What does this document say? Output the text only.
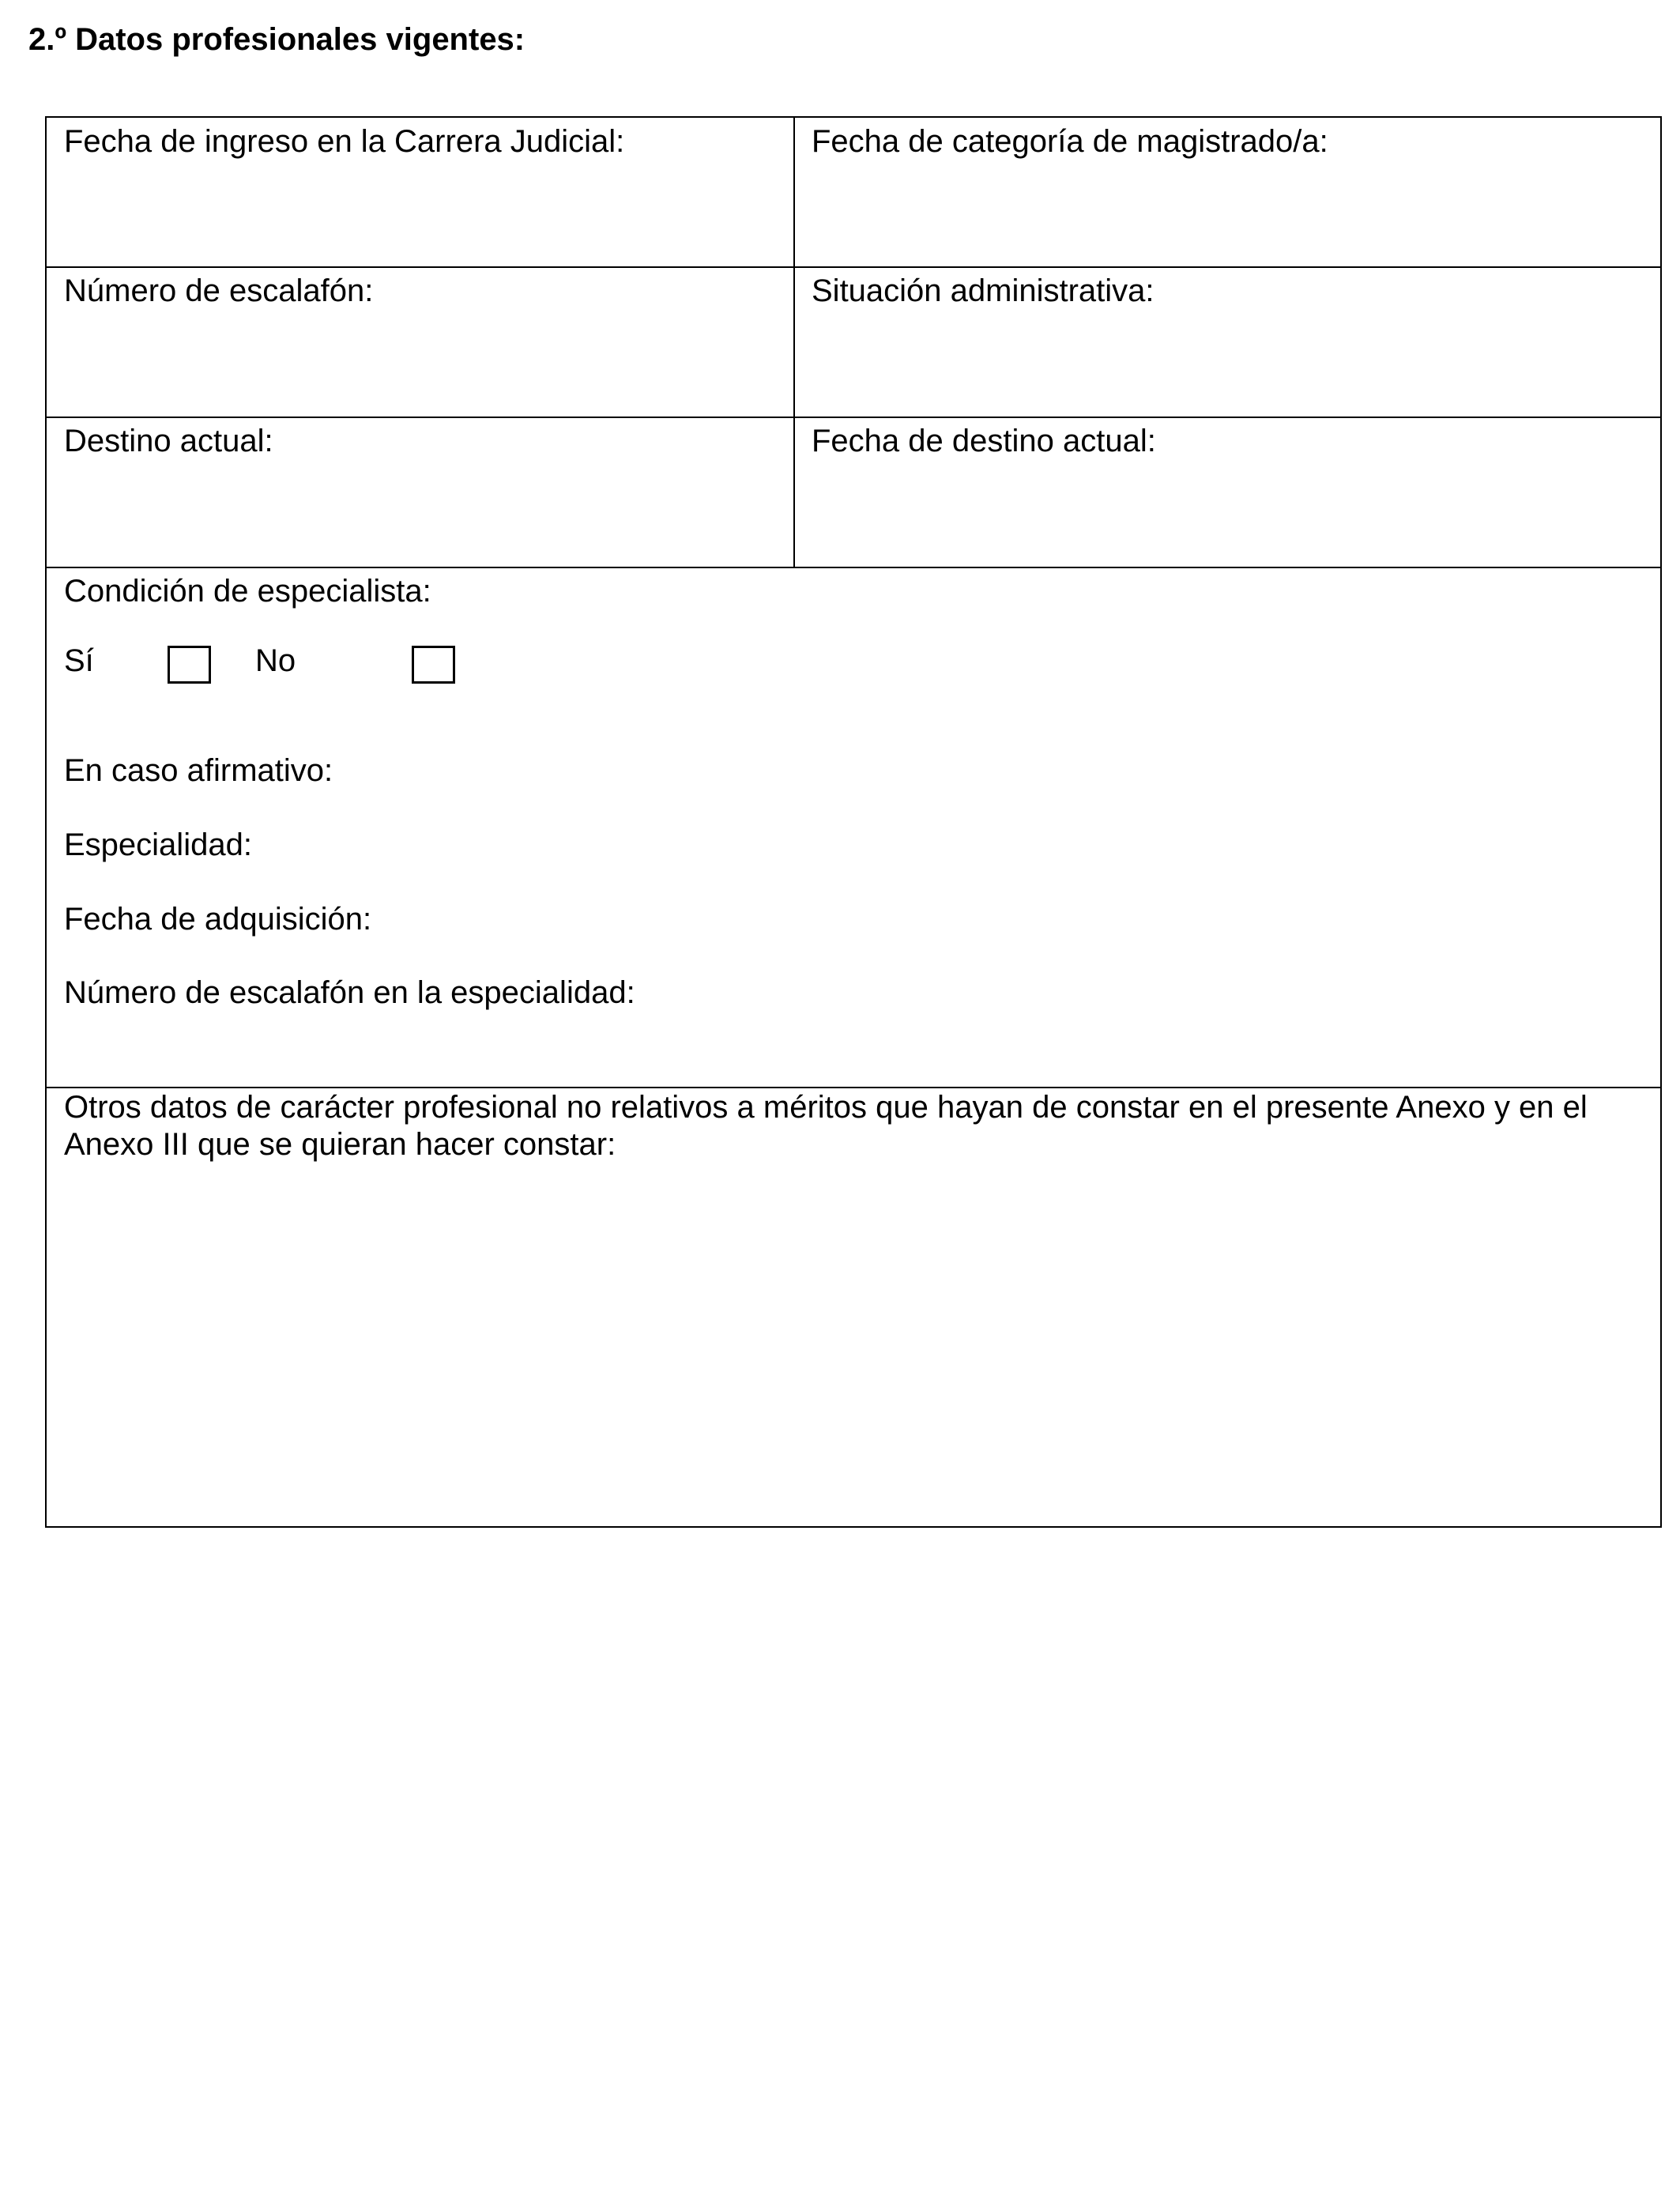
2.º Datos profesionales vigentes:
Fecha de ingreso en la Carrera Judicial:	Fecha de categoría de magistrado/a:
Número de escalafón:	Situación administrativa:
Destino actual:	Fecha de destino actual:
Condición de especialista:
Sí	No
En caso afirmativo:
Especialidad:
Fecha de adquisición:
Número de escalafón en la especialidad:
Otros datos de carácter profesional no relativos a méritos que hayan de constar en el presente Anexo y en el Anexo III que se quieran hacer constar:
